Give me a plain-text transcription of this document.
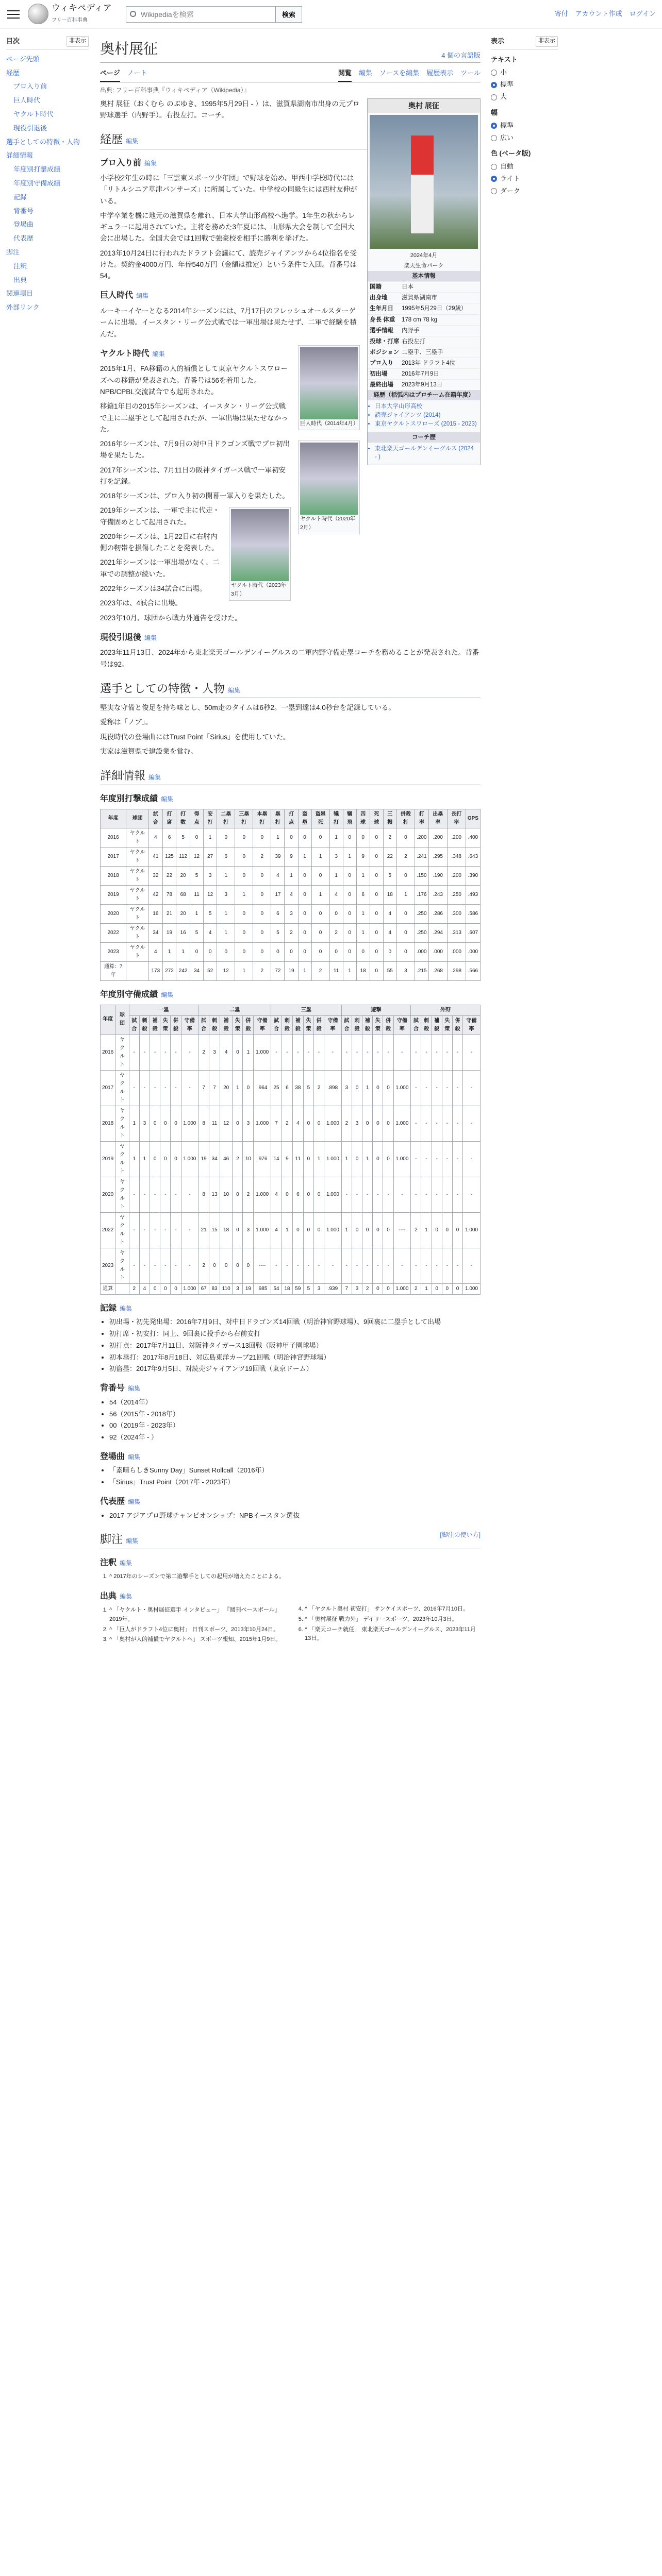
ウィキペディア
フリー百科事典
Wikipediaを検索
検索	寄付 アカウント作成 ログイン
目次	非表示
ページ先頭
経歴
プロ入り前
巨人時代
ヤクルト時代
現役引退後
選手としての特徴・人物
詳細情報
年度別打撃成績
年度別守備成績
記録
背番号
登場曲
代表歴
脚注
注釈
出典
関連項目
外部リンク
奥村展征	4 個の言語版
ページ ノート	閲覧 編集 ソースを編集 履歴表示 ツール
出典: フリー百科事典『ウィキペディア（Wikipedia）』
奥村 展征
2024年4月
楽天生命パーク
基本情報
国籍	日本
出身地	滋賀県湖南市
生年月日	1995年5月29日（29歳）
身長 体重	178 cm 78 kg
選手情報	内野手
投球・打席 右投左打
ポジション 二塁手、三塁手
プロ入り	2013年 ドラフト4位
初出場	2016年7月9日
最終出場	2023年9月13日
経歴（括弧内はプロチーム在籍年度）
• 日本大学山形高校
• 読売ジャイアンツ (2014)
• 東京ヤクルトスワローズ (2015 - 2023)
コーチ歴
• 東北楽天ゴールデンイーグルス (2024 - )

奥村 展征（おくむら のぶゆき、1995年5月29日 - ）は、滋賀県湖南市出身の元プロ野球選手（内野手）。右投左打。コーチ。

経歴 編集
プロ入り前 編集

小学校2年生の時に「三雲東スポーツ少年団」で野球を始め、甲西中学校時代には「リトルシニア草津パンサーズ」に所属していた。中学校の同級生には西村友伸がいる。

中学卒業を機に地元の滋賀県を離れ、日本大学山形高校へ進学。1年生の秋からレギュラーに起用されていた。主将を務めた3年夏には、山形県大会を制して全国大会に出場した。全国大会では1回戦で強豪校を相手に勝利を挙げた。

2013年10月24日に行われたドラフト会議にて、読売ジャイアンツから4位指名を受けた。契約金4000万円、年俸540万円（金額は推定）という条件で入団。背番号は54。

巨人時代 編集

ルーキーイヤーとなる2014年シーズンには、7月17日のフレッシュオールスターゲームに出場。イースタン・リーグ公式戦では一軍出場は果たせず、二軍で経験を積んだ。

巨人時代（2014年4月）
ヤクルト時代 編集

2015年1月、FA移籍の人的補償として東京ヤクルトスワローズへの移籍が発表された。背番号は56を着用した。NPB/CPBL交流試合でも起用された。

移籍1年目の2015年シーズンは、イースタン・リーグ公式戦で主に二塁手として起用されたが、一軍出場は果たせなかった。

ヤクルト時代（2020年2月）

2016年シーズンは、7月9日の対中日ドラゴンズ戦でプロ初出場を果たした。

2017年シーズンは、7月11日の阪神タイガース戦で一軍初安打を記録。

2018年シーズンは、プロ入り初の開幕一軍入りを果たした。

ヤクルト時代（2023年3月）

2019年シーズンは、一軍で主に代走・守備固めとして起用された。

2020年シーズンは、1月22日に右肘内側の靭帯を損傷したことを発表した。

2021年シーズンは一軍出場がなく、二軍での調整が続いた。

2022年シーズンは34試合に出場。

2023年は、4試合に出場。

2023年10月、球団から戦力外通告を受けた。

現役引退後 編集

2023年11月13日、2024年から東北楽天ゴールデンイーグルスの二軍内野守備走塁コーチを務めることが発表された。背番号は92。

選手としての特徴・人物 編集

堅実な守備と俊足を持ち味とし、50m走のタイムは6秒2。一塁到達は4.0秒台を記録している。

愛称は「ノブ」。

現役時代の登場曲にはTrust Point「Sirius」を使用していた。

実家は滋賀県で建設業を営む。

詳細情報 編集
年度別打撃成績 編集
年度	球団	試合	打席	打数	得点	安打	二塁打	三塁打	本塁打	塁打	打点	盗塁	盗塁死	犠打	犠飛	四球	死球	三振	併殺打	打率	出塁率	長打率	OPS
2016	ヤクルト	4	6	5	0	1	0	0	0	1	0	0	0	1	0	0	0	2	0	.200	.200	.200	.400
2017	ヤクルト	41	125	112	12	27	6	0	2	39	9	1	1	3	1	9	0	22	2	.241	.295	.348	.643
2018	ヤクルト	32	22	20	5	3	1	0	0	4	1	0	0	1	0	1	0	5	0	.150	.190	.200	.390
2019	ヤクルト	42	78	68	11	12	3	1	0	17	4	0	1	4	0	6	0	18	1	.176	.243	.250	.493
2020	ヤクルト	16	21	20	1	5	1	0	0	6	3	0	0	0	0	1	0	4	0	.250	.286	.300	.586
2022	ヤクルト	34	19	16	5	4	1	0	0	5	2	0	0	2	0	1	0	4	0	.250	.294	.313	.607
2023	ヤクルト	4	1	1	0	0	0	0	0	0	0	0	0	0	0	0	0	0	0	.000	.000	.000	.000
通算：7年		173	272	242	34	52	12	1	2	72	19	1	2	11	1	18	0	55	3	.215	.268	.298	.566
年度別守備成績 編集
年度	球団	一塁						二塁						三塁						遊撃						外野					
		試合	刺殺	補殺	失策	併殺	守備率	試合	刺殺	補殺	失策	併殺	守備率	試合	刺殺	補殺	失策	併殺	守備率	試合	刺殺	補殺	失策	併殺	守備率	試合	刺殺	補殺	失策	併殺	守備率
2016	ヤクルト	-	-	-	-	-	-	2	3	4	0	1	1.000	-	-	-	-	-	-	-	-	-	-	-	-	-	-	-	-	-	-
2017	ヤクルト	-	-	-	-	-	-	7	7	20	1	0	.964	25	6	38	5	2	.898	3	0	1	0	0	1.000	-	-	-	-	-	-
2018	ヤクルト	1	3	0	0	0	1.000	8	11	12	0	3	1.000	7	2	4	0	0	1.000	2	3	0	0	0	1.000	-	-	-	-	-	-
2019	ヤクルト	1	1	0	0	0	1.000	19	34	46	2	10	.976	14	9	11	0	1	1.000	1	0	1	0	0	1.000	-	-	-	-	-	-
2020	ヤクルト	-	-	-	-	-	-	8	13	10	0	2	1.000	4	0	6	0	0	1.000	-	-	-	-	-	-	-	-	-	-	-	-
2022	ヤクルト	-	-	-	-	-	-	21	15	18	0	3	1.000	4	1	0	0	0	1.000	1	0	0	0	0	----	2	1	0	0	0	1.000
2023	ヤクルト	-	-	-	-	-	-	2	0	0	0	0	----	-	-	-	-	-	-	-	-	-	-	-	-	-	-	-	-	-	-
通算		2	4	0	0	0	1.000	67	83	110	3	19	.985	54	18	59	5	3	.939	7	3	2	0	0	1.000	2	1	0	0	0	1.000
記録 編集
• 初出場・初先発出場：2016年7月9日、対中日ドラゴンズ14回戦（明治神宮野球場）、9回裏に二塁手として出場
• 初打席・初安打：同上、9回裏に投手から右前安打
• 初打点：2017年7月11日、対阪神タイガース13回戦（阪神甲子園球場）
• 初本塁打：2017年8月18日、対広島東洋カープ21回戦（明治神宮野球場）
• 初盗塁：2017年9月5日、対読売ジャイアンツ19回戦（東京ドーム）
背番号 編集
• 54（2014年）
• 56（2015年 - 2018年）
• 00（2019年 - 2023年）
• 92（2024年 - ）
登場曲 編集
• 「素晴らしきSunny Day」Sunset Rollcall（2016年）
• 「Sirius」Trust Point（2017年 - 2023年）
代表歴 編集
• 2017 アジアプロ野球チャンピオンシップ：NPBイースタン選抜
脚注 編集
[脚注の使い方]
注釈 編集
1. ^ 2017年のシーズンで第二遊撃手としての起用が増えたことによる。
出典 編集
1. ^ 「ヤクルト・奥村展征選手 インタビュー」 『週刊ベースボール』2019年。
2. ^ 「巨人がドラフト4位に奥村」 日刊スポーツ、2013年10月24日。
3. ^ 「奥村が人的補償でヤクルトへ」 スポーツ報知、2015年1月9日。
4. ^ 「ヤクルト奥村 初安打」 サンケイスポーツ、2016年7月10日。
5. ^ 「奥村展征 戦力外」 デイリースポーツ、2023年10月3日。
6. ^ 「楽天コーチ就任」 東北楽天ゴールデンイーグルス、2023年11月13日。
表示	非表示
テキスト
小
標準
大
幅
標準
広い
色 (ベータ版)
自動
ライト
ダーク
